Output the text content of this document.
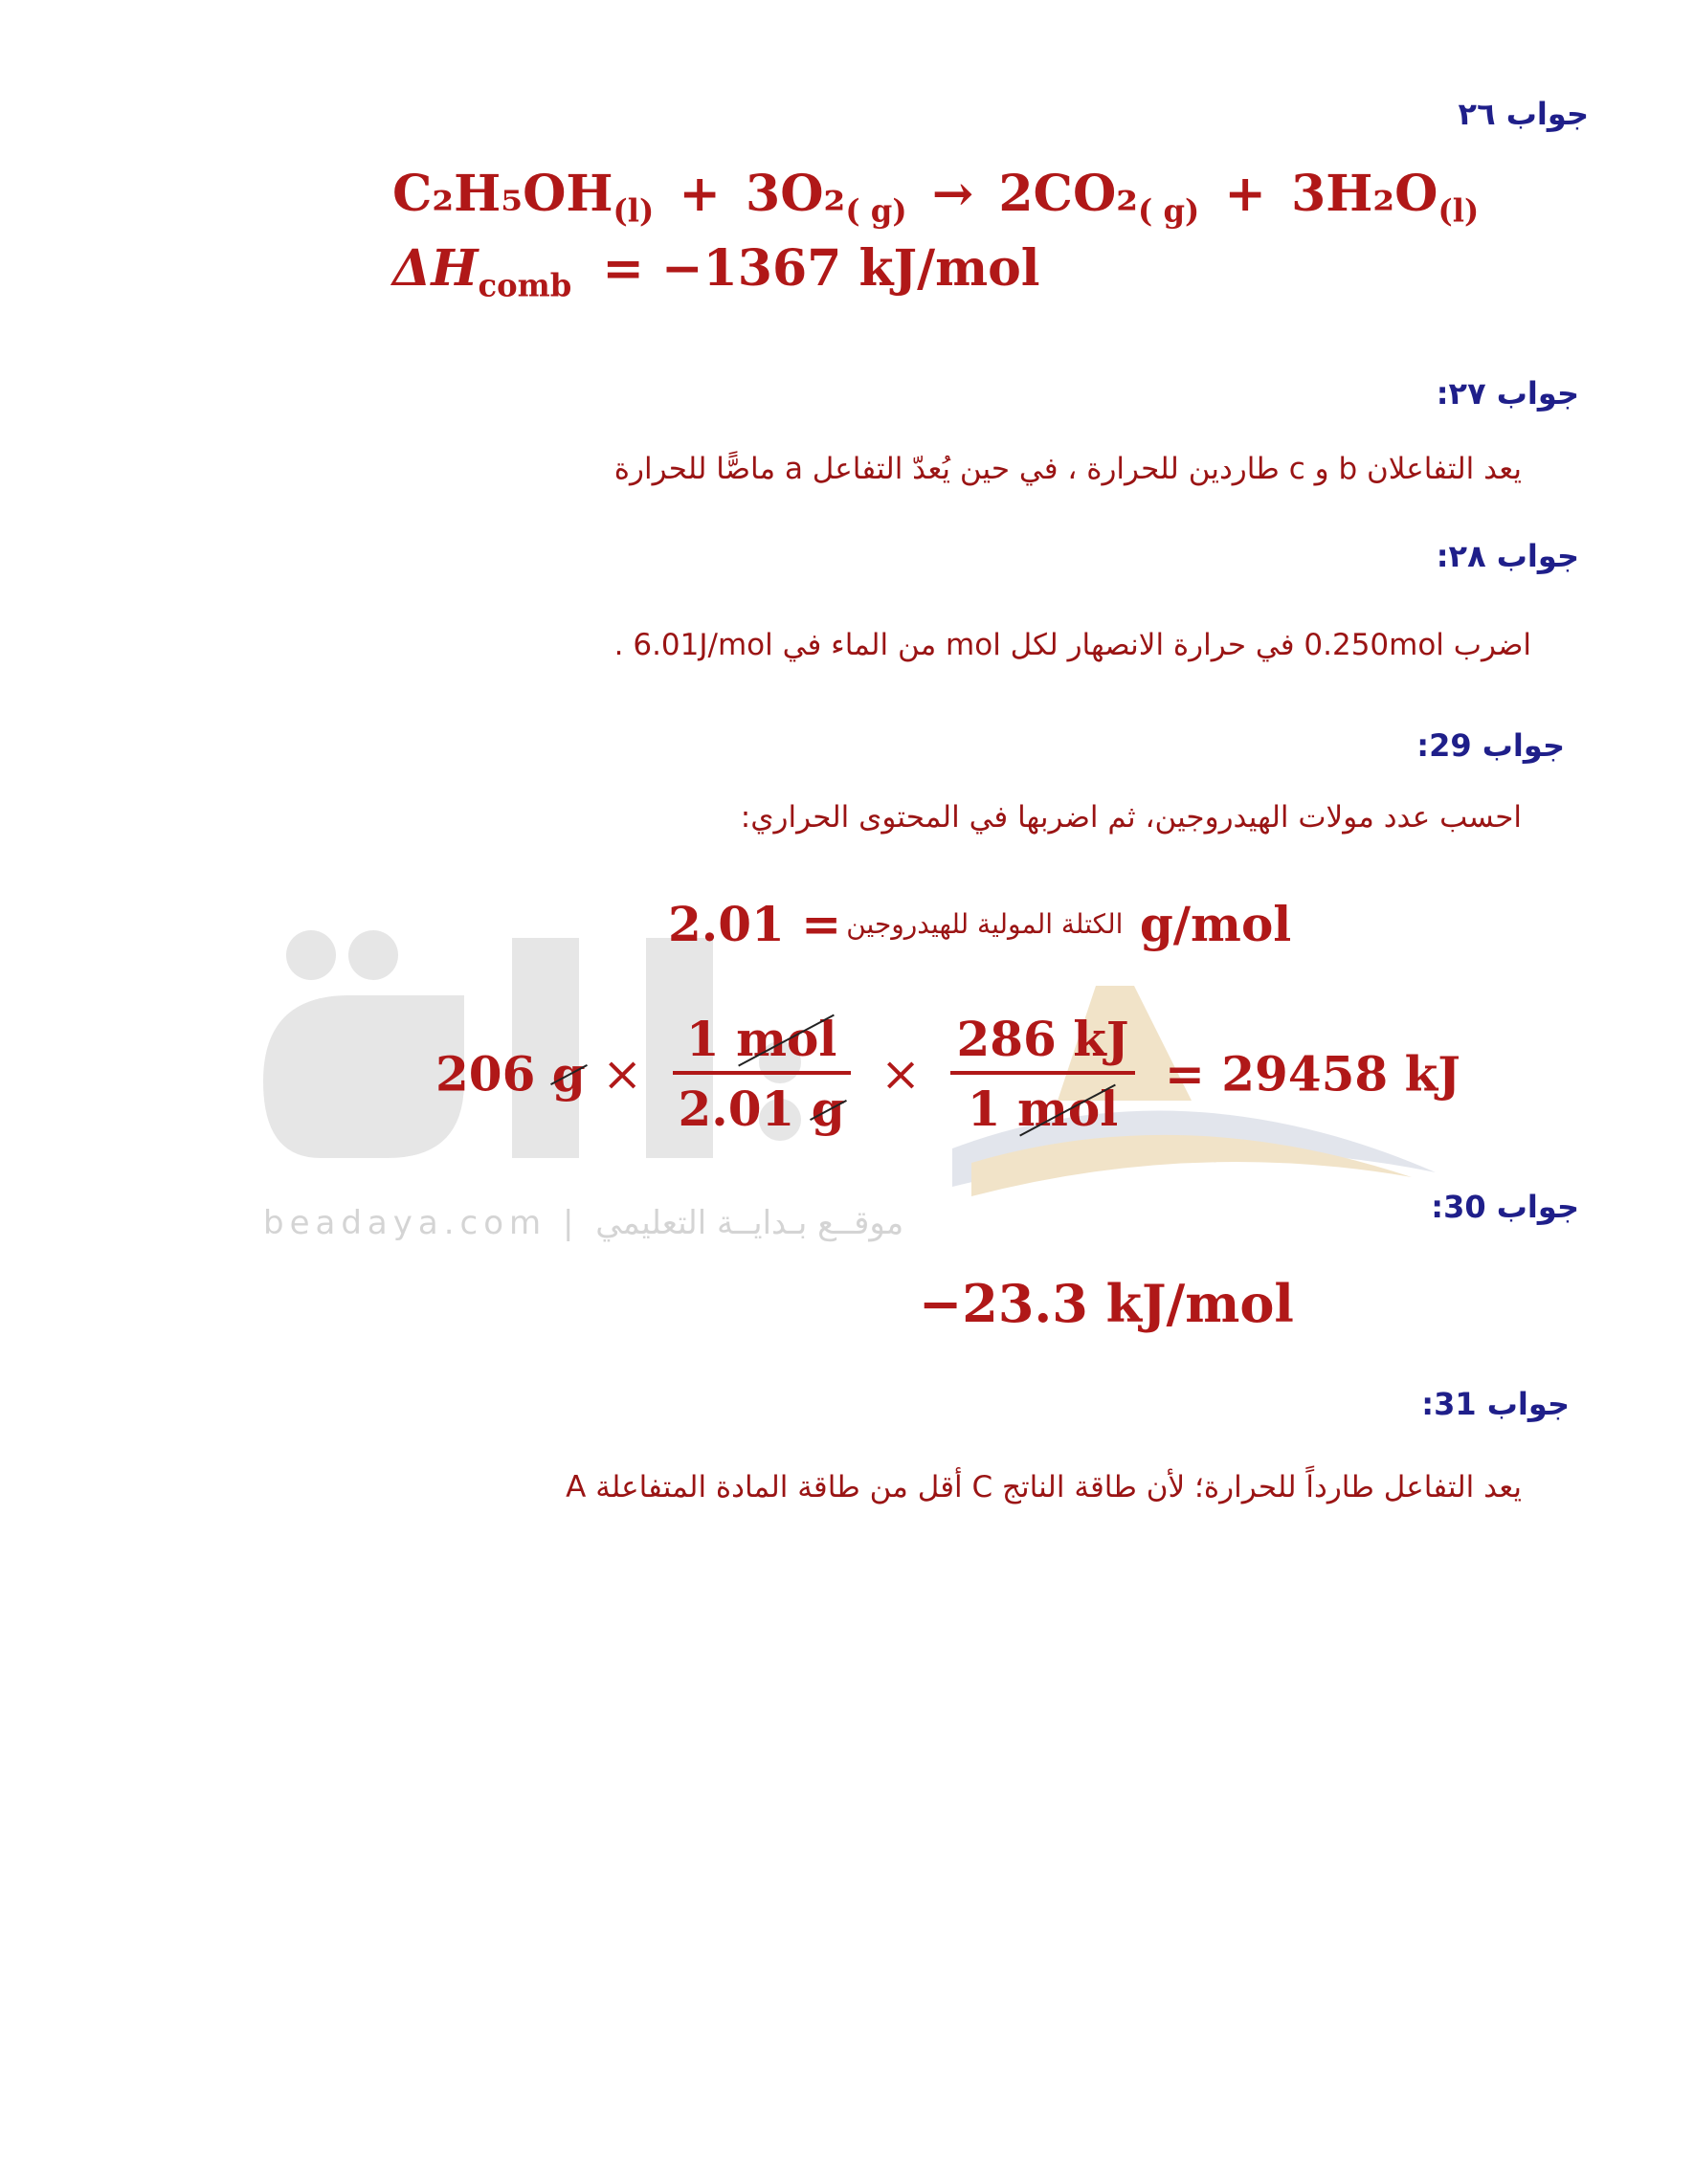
beadaya.com | موقــع بـدايــة التعليمي
جواب ٢٦
$C_2H_5OH_{(l)} + 3O_2_{( g)} \to 2CO_2_{( g)} + 3H_2O_{(l)}$
$\Delta H_{comb} = -1367$ kJ/mol
جواب ٢٧:
يعد التفاعلان b و c طاردين للحرارة ، في حين يُعدّ التفاعل a ماصًّا للحرارة
جواب ٢٨:
اضرب 0.250mol في حرارة الانصهار لكل mol من الماء في 6.01J/mol .
جواب 29:
احسب عدد مولات الهيدروجين، ثم اضربها في المحتوى الحراري:
الكتلة المولية للهيدروجين = 2.01 g/mol
206 $g \times \frac{\text{1 mol}}{2.01 g} \times \frac{286 kJ}{\text{1 mol}} = 29458$ kJ
جواب 30:
−23.3 kJ/mol
جواب 31:
يعد التفاعل طارداً للحرارة؛ لأن طاقة الناتج C أقل من طاقة المادة المتفاعلة A
